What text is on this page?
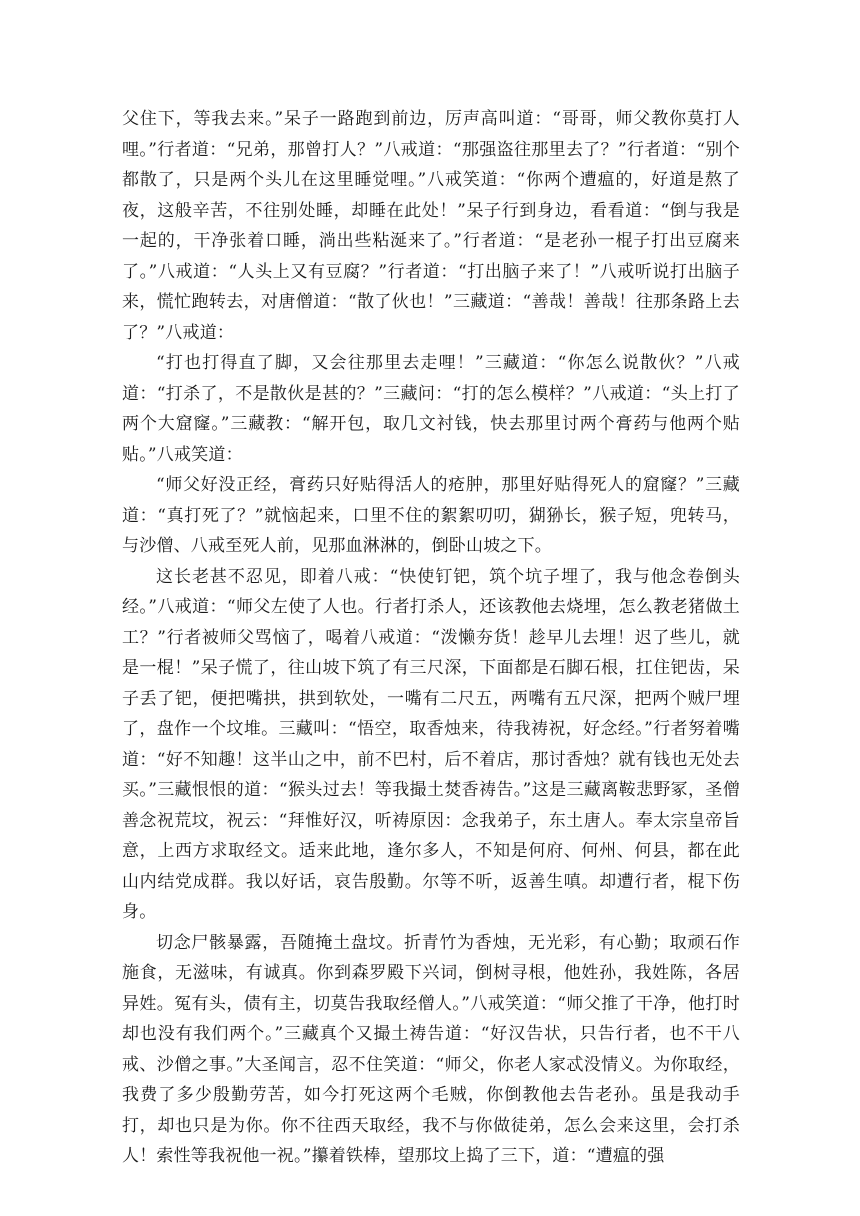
父住下，等我去来。”呆子一路跑到前边，厉声高叫道：“哥哥，师父教你莫打人哩。”行者道：“兄弟，那曾打人？”八戒道：“那强盗往那里去了？”行者道：“别个都散了，只是两个头儿在这里睡觉哩。”八戒笑道：“你两个遭瘟的，好道是熬了夜，这般辛苦，不往别处睡，却睡在此处！”呆子行到身边，看看道：“倒与我是一起的，干净张着口睡，淌出些粘涎来了。”行者道：“是老孙一棍子打出豆腐来了。”八戒道：“人头上又有豆腐？”行者道：“打出脑子来了！”八戒听说打出脑子来，慌忙跑转去，对唐僧道：“散了伙也！”三藏道：“善哉！善哉！往那条路上去了？”八戒道：

“打也打得直了脚，又会往那里去走哩！”三藏道：“你怎么说散伙？”八戒道：“打杀了，不是散伙是甚的？”三藏问：“打的怎么模样？”八戒道：“头上打了两个大窟窿。”三藏教：“解开包，取几文衬钱，快去那里讨两个膏药与他两个贴贴。”八戒笑道：

“师父好没正经，膏药只好贴得活人的疮肿，那里好贴得死人的窟窿？”三藏道：“真打死了？”就恼起来，口里不住的絮絮叨叨，猢狲长，猴子短，兜转马，与沙僧、八戒至死人前，见那血淋淋的，倒卧山坡之下。

这长老甚不忍见，即着八戒：“快使钉钯，筑个坑子埋了，我与他念卷倒头经。”八戒道：“师父左使了人也。行者打杀人，还该教他去烧埋，怎么教老猪做土工？”行者被师父骂恼了，喝着八戒道：“泼懒夯货！趁早儿去埋！迟了些儿，就是一棍！”呆子慌了，往山坡下筑了有三尺深，下面都是石脚石根，扛住钯齿，呆子丢了钯，便把嘴拱，拱到软处，一嘴有二尺五，两嘴有五尺深，把两个贼尸埋了，盘作一个坟堆。三藏叫：“悟空，取香烛来，待我祷祝，好念经。”行者努着嘴道：“好不知趣！这半山之中，前不巴村，后不着店，那讨香烛？就有钱也无处去买。”三藏恨恨的道：“猴头过去！等我撮土焚香祷告。”这是三藏离鞍悲野冢，圣僧善念祝荒坟，祝云：“拜惟好汉，听祷原因：念我弟子，东土唐人。奉太宗皇帝旨意，上西方求取经文。适来此地，逢尔多人，不知是何府、何州、何县，都在此山内结党成群。我以好话，哀告殷勤。尔等不听，返善生嗔。却遭行者，棍下伤身。

切念尸骸暴露，吾随掩土盘坟。折青竹为香烛，无光彩，有心勤；取顽石作施食，无滋味，有诚真。你到森罗殿下兴词，倒树寻根，他姓孙，我姓陈，各居异姓。冤有头，债有主，切莫告我取经僧人。”八戒笑道：“师父推了干净，他打时却也没有我们两个。”三藏真个又撮土祷告道：“好汉告状，只告行者，也不干八戒、沙僧之事。”大圣闻言，忍不住笑道：“师父，你老人家忒没情义。为你取经，我费了多少殷勤劳苦，如今打死这两个毛贼，你倒教他去告老孙。虽是我动手打，却也只是为你。你不往西天取经，我不与你做徒弟，怎么会来这里，会打杀人！索性等我祝他一祝。”攥着铁棒，望那坟上捣了三下，道：“遭瘟的强
